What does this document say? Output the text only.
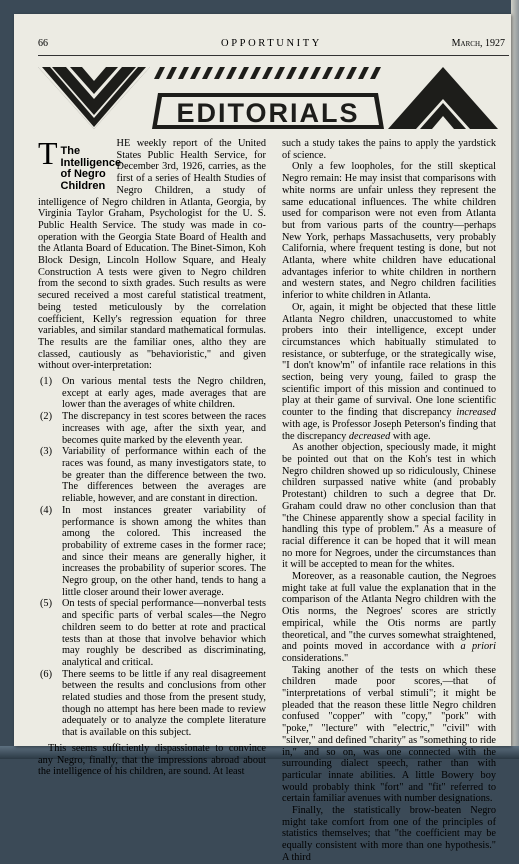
66	OPPORTUNITY	March, 1927
EDITORIALS

T The Intelligence of Negro Children
HE weekly report of the United States Public Health Service, for December 3rd, 1926, carries, as the first of a series of Health Studies of Negro Children, a study of intelligence of Negro children in Atlanta, Georgia, by Virginia Taylor Graham, Psychologist for the U. S. Public Health Service. The study was made in co-operation with the Georgia State Board of Health and the Atlanta Board of Education. The Binet-Simon, Koh Block Design, Lincoln Hollow Square, and Healy Construction A tests were given to Negro children from the second to sixth grades. Such results as were secured received a most careful statistical treatment, being tested meticulously by the correlation coefficient, Kelly's regression equation for three variables, and similar standard mathematical formulas. The results are the familiar ones, altho they are classed, cautiously as "behavioristic," and given without over-interpretation:

(1) On various mental tests the Negro children, except at early ages, made averages that are lower than the averages of white children.
(2) The discrepancy in test scores between the races increases with age, after the sixth year, and becomes quite marked by the eleventh year.
(3) Variability of performance within each of the races was found, as many investigators state, to be greater than the difference between the two. The differences between the averages are reliable, however, and are constant in direction.
(4) In most instances greater variability of performance is shown among the whites than among the colored. This increased the probability of extreme cases in the former race; and since their means are generally higher, it increases the probability of superior scores. The Negro group, on the other hand, tends to hang a little closer around their lower average.
(5) On tests of special performance—nonverbal tests and specific parts of verbal scales—the Negro children seem to do better at rote and practical tests than at those that involve behavior which may roughly be described as discriminating, analytical and critical.
(6) There seems to be little if any real disagreement between the results and conclusions from other related studies and those from the present study, though no attempt has here been made to review adequately or to analyze the complete literature that is available on this subject.

This seems sufficiently dispassionate to convince any Negro, finally, that the impressions abroad about the intelligence of his children, are sound. At least

such a study takes the pains to apply the yardstick of science.

Only a few loopholes, for the still skeptical Negro remain: He may insist that comparisons with white norms are unfair unless they represent the same educational influences. The white children used for comparison were not even from Atlanta but from various parts of the country—perhaps New York, perhaps Massachusetts, very probably California, where frequent testing is done, but not Atlanta, where white children have educational advantages inferior to white children in northern and western states, and Negro children facilities inferior to white children in Atlanta.

Or, again, it might be objected that these little Atlanta Negro children, unaccustomed to white probers into their intelligence, except under circumstances which habitually stimulated to resistance, or subterfuge, or the strategically wise, "I don't know'm" of infantile race relations in this section, being very young, failed to grasp the scientific import of this mission and continued to play at their game of survival. One lone scientific counter to the finding that discrepancy increased with age, is Professor Joseph Peterson's finding that the discrepancy decreased with age.

As another objection, speciously made, it might be pointed out that on the Koh's test in which Negro children showed up so ridiculously, Chinese children surpassed native white (and probably Protestant) children to such a degree that Dr. Graham could draw no other conclusion than that "the Chinese apparently show a special facility in handling this type of problem." As a measure of racial difference it can be hoped that it will mean no more for Negroes, under the circumstances than it will be accepted to mean for the whites.

Moreover, as a reasonable caution, the Negroes might take at full value the explanation that in the comparison of the Atlanta Negro children with the Otis norms, the Negroes' scores are strictly empirical, while the Otis norms are partly theoretical, and "the curves somewhat straightened, and points moved in accordance with a priori considerations."

Taking another of the tests on which these children made poor scores,—that of "interpretations of verbal stimuli"; it might be pleaded that the reason these little Negro children confused "copper" with "copy," "pork" with "poke," "lecture" with "electric," "civil" with "silver," and defined "charity" as "something to ride in," and so on, was one connected with the surrounding dialect speech, rather than with particular innate abilities. A little Bowery boy would probably think "fort" and "fit" referred to certain familiar avenues with number designations.

Finally, the statistically brow-beaten Negro might take comfort from one of the principles of statistics themselves; that "the coefficient may be equally consistent with more than one hypothesis." A third
